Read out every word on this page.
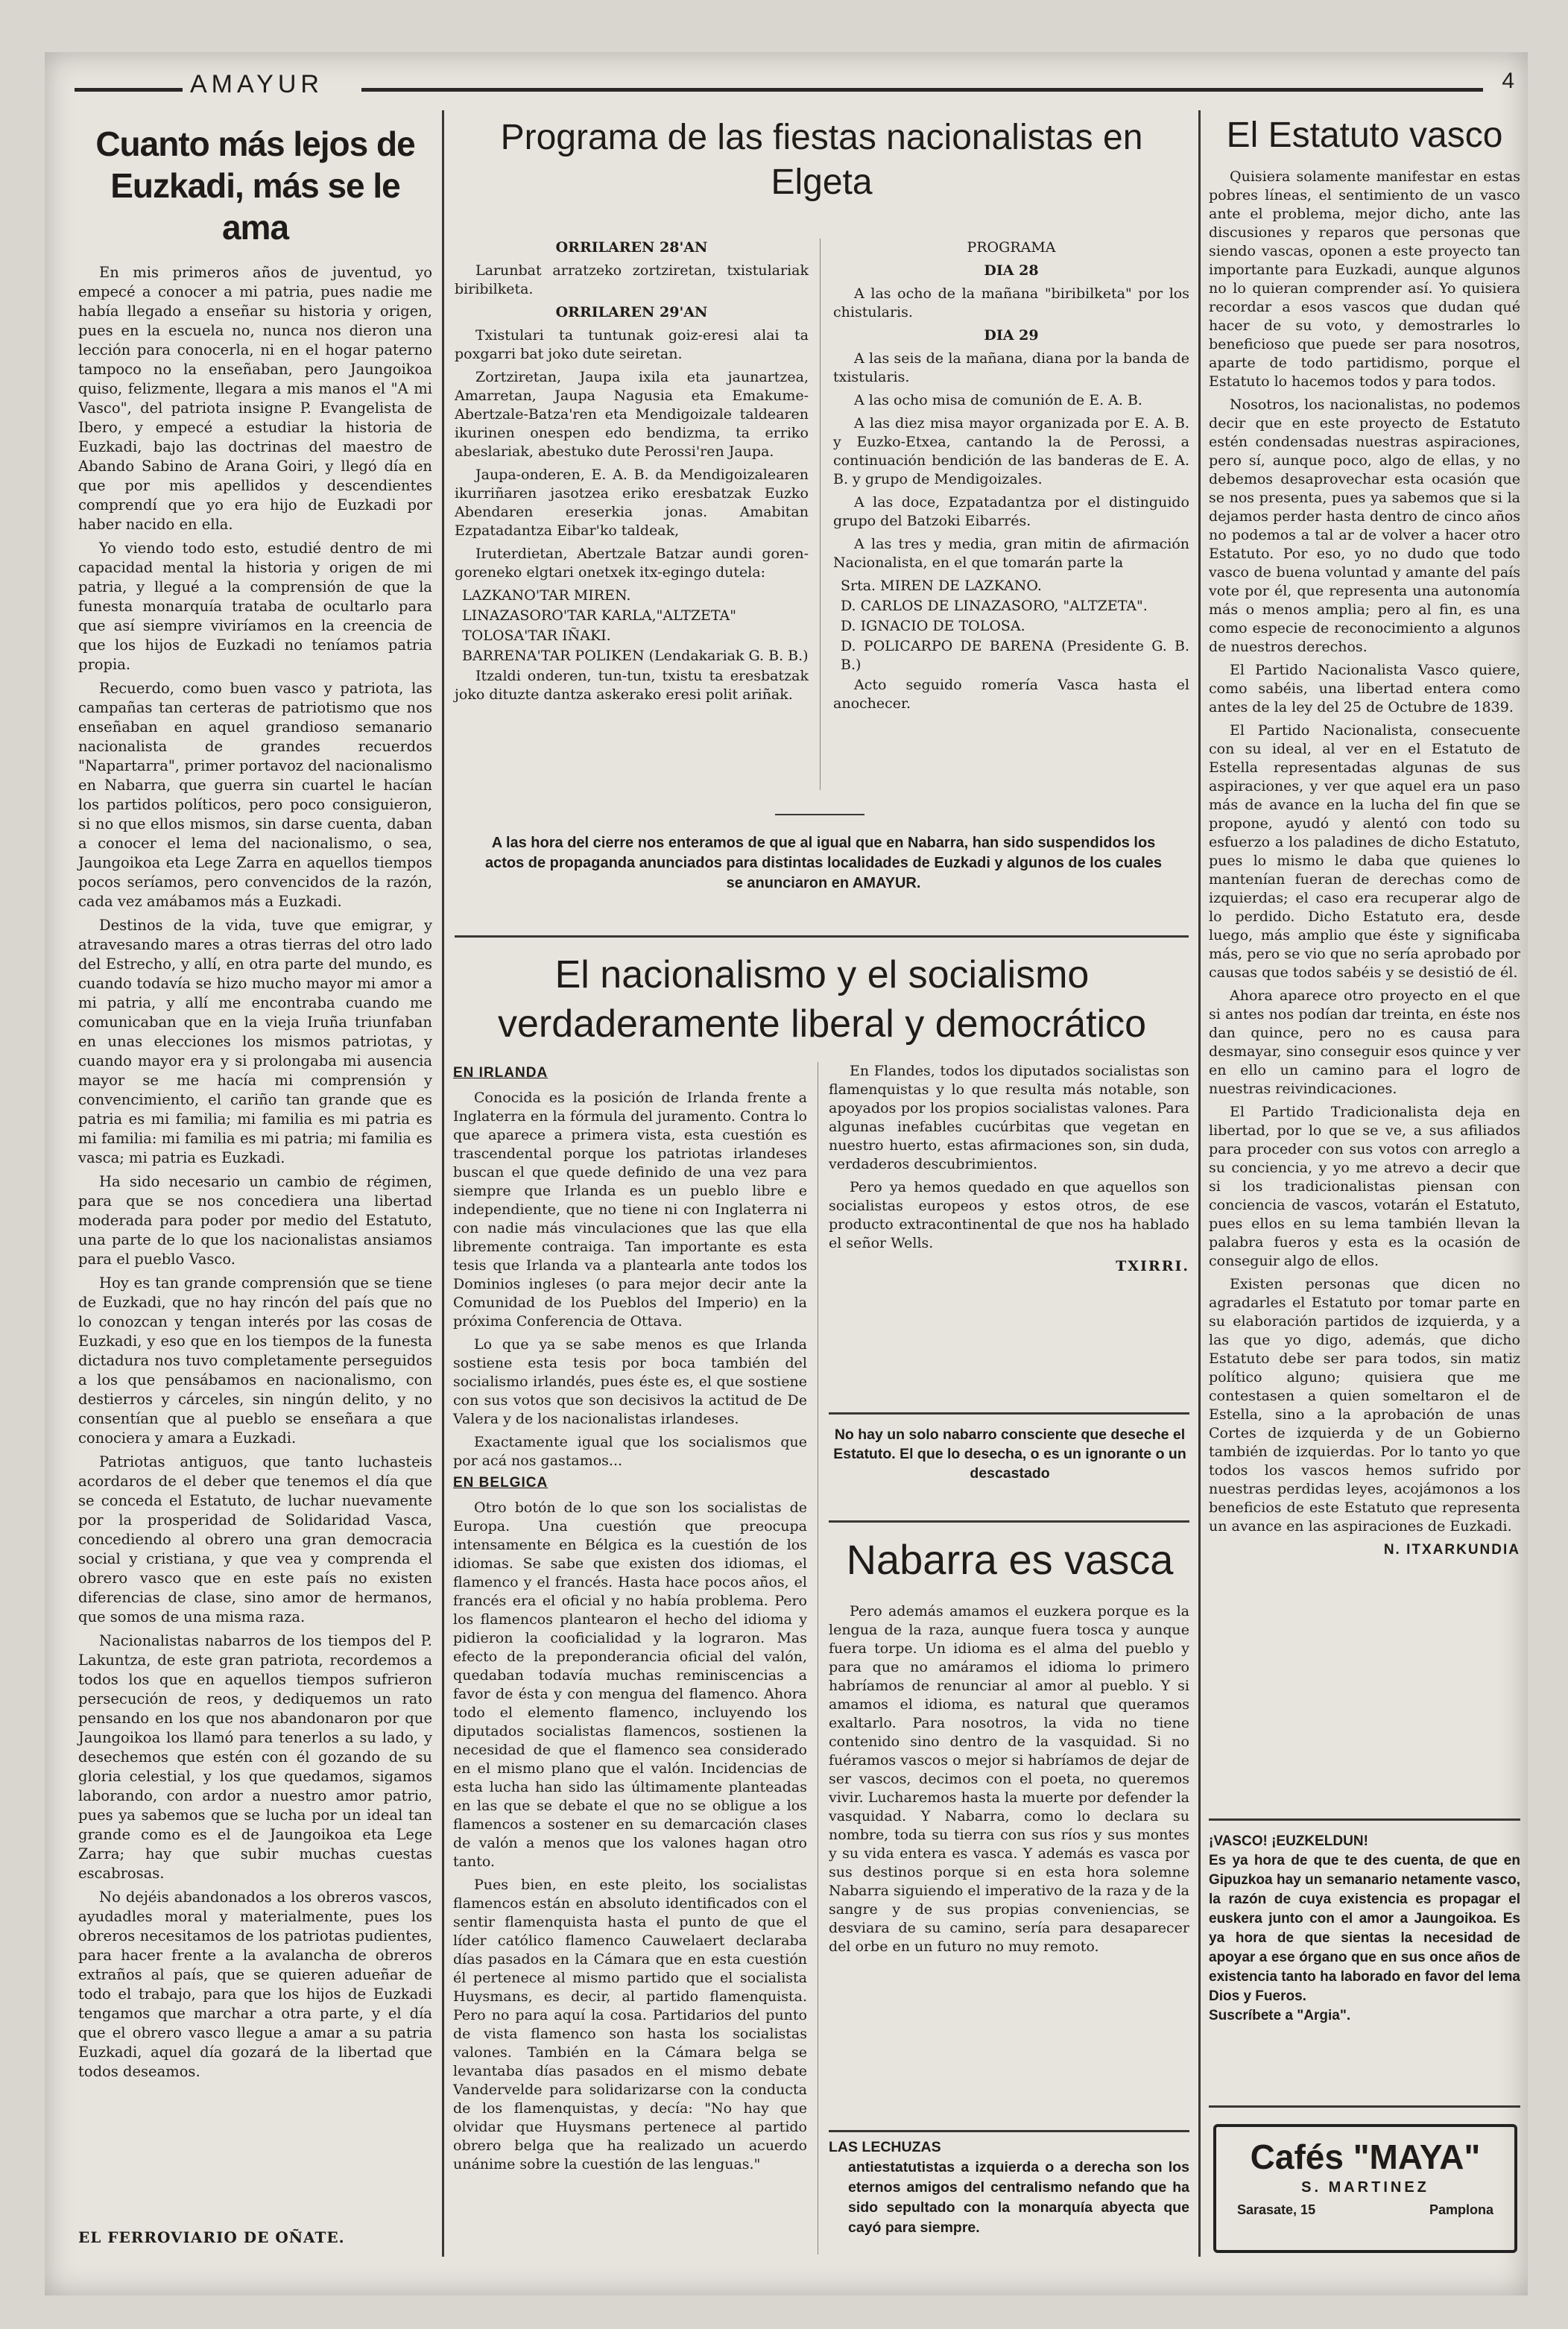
AMAYUR	4
Cuanto más lejos de Euzkadi, más se le ama

En mis primeros años de juventud, yo empecé a conocer a mi patria, pues nadie me había llegado a enseñar su historia y origen, pues en la escuela no, nunca nos dieron una lección para conocerla, ni en el hogar paterno tampoco no la enseñaban, pero Jaungoikoa quiso, felizmente, llegara a mis manos el "A mi Vasco", del patriota insigne P. Evangelista de Ibero, y empecé a estudiar la historia de Euzkadi, bajo las doctrinas del maestro de Abando Sabino de Arana Goiri, y llegó día en que por mis apellidos y descendientes comprendí que yo era hijo de Euzkadi por haber nacido en ella.

Yo viendo todo esto, estudié dentro de mi capacidad mental la historia y origen de mi patria, y llegué a la comprensión de que la funesta monarquía trataba de ocultarlo para que así siempre viviríamos en la creencia de que los hijos de Euzkadi no teníamos patria propia.

Recuerdo, como buen vasco y patriota, las campañas tan certeras de patriotismo que nos enseñaban en aquel grandioso semanario nacionalista de grandes recuerdos "Napartarra", primer portavoz del nacionalismo en Nabarra, que guerra sin cuartel le hacían los partidos políticos, pero poco consiguieron, si no que ellos mismos, sin darse cuenta, daban a conocer el lema del nacionalismo, o sea, Jaungoikoa eta Lege Zarra en aquellos tiempos pocos seríamos, pero convencidos de la razón, cada vez amábamos más a Euzkadi.

Destinos de la vida, tuve que emigrar, y atravesando mares a otras tierras del otro lado del Estrecho, y allí, en otra parte del mundo, es cuando todavía se hizo mucho mayor mi amor a mi patria, y allí me encontraba cuando me comunicaban que en la vieja Iruña triunfaban en unas elecciones los mismos patriotas, y cuando mayor era y si prolongaba mi ausencia mayor se me hacía mi comprensión y convencimiento, el cariño tan grande que es patria es mi familia; mi familia es mi patria es mi familia: mi familia es mi patria; mi familia es vasca; mi patria es Euzkadi.

Ha sido necesario un cambio de régimen, para que se nos concediera una libertad moderada para poder por medio del Estatuto, una parte de lo que los nacionalistas ansiamos para el pueblo Vasco.

Hoy es tan grande comprensión que se tiene de Euzkadi, que no hay rincón del país que no lo conozcan y tengan interés por las cosas de Euzkadi, y eso que en los tiempos de la funesta dictadura nos tuvo completamente perseguidos a los que pensábamos en nacionalismo, con destierros y cárceles, sin ningún delito, y no consentían que al pueblo se enseñara a que conociera y amara a Euzkadi.

Patriotas antiguos, que tanto luchasteis acordaros de el deber que tenemos el día que se conceda el Estatuto, de luchar nuevamente por la prosperidad de Solidaridad Vasca, concediendo al obrero una gran democracia social y cristiana, y que vea y comprenda el obrero vasco que en este país no existen diferencias de clase, sino amor de hermanos, que somos de una misma raza.

Nacionalistas nabarros de los tiempos del P. Lakuntza, de este gran patriota, recordemos a todos los que en aquellos tiempos sufrieron persecución de reos, y dediquemos un rato pensando en los que nos abandonaron por que Jaungoikoa los llamó para tenerlos a su lado, y desechemos que estén con él gozando de su gloria celestial, y los que quedamos, sigamos laborando, con ardor a nuestro amor patrio, pues ya sabemos que se lucha por un ideal tan grande como es el de Jaungoikoa eta Lege Zarra; hay que subir muchas cuestas escabrosas.

No dejéis abandonados a los obreros vascos, ayudadles moral y materialmente, pues los obreros necesitamos de los patriotas pudientes, para hacer frente a la avalancha de obreros extraños al país, que se quieren adueñar de todo el trabajo, para que los hijos de Euzkadi tengamos que marchar a otra parte, y el día que el obrero vasco llegue a amar a su patria Euzkadi, aquel día gozará de la libertad que todos deseamos.

EL FERROVIARIO DE OÑATE.
Programa de las fiestas nacionalistas en Elgeta

ORRILAREN 28'AN

Larunbat arratzeko zortziretan, txistulariak biribilketa.

ORRILAREN 29'AN

Txistulari ta tuntunak goiz-eresi alai ta poxgarri bat joko dute seiretan.

Zortziretan, Jaupa ixila eta jaunartzea, Amarretan, Jaupa Nagusia eta Emakume-Abertzale-Batza'ren eta Mendigoizale taldearen ikurinen onespen edo bendizma, ta erriko abeslariak, abestuko dute Perossi'ren Jaupa.

Jaupa-onderen, E. A. B. da Mendigoizalearen ikurriñaren jasotzea eriko eresbatzak Euzko Abendaren ereserkia jonas. Amabitan Ezpatadantza Eibar'ko taldeak,

Iruterdietan, Abertzale Batzar aundi goren-goreneko elgtari onetxek itx-egingo dutela:

LAZKANO'TAR MIREN.

LINAZASORO'TAR KARLA,"ALTZETA"

TOLOSA'TAR IÑAKI.

BARRENA'TAR POLIKEN (Lendakariak G. B. B.)

Itzaldi onderen, tun-tun, txistu ta eresbatzak joko dituzte dantza askerako eresi polit ariñak.

PROGRAMA

DIA 28

A las ocho de la mañana "biribilketa" por los chistularis.

DIA 29

A las seis de la mañana, diana por la banda de txistularis.

A las ocho misa de comunión de E. A. B.

A las diez misa mayor organizada por E. A. B. y Euzko-Etxea, cantando la de Perossi, a continuación bendición de las banderas de E. A. B. y grupo de Mendigoizales.

A las doce, Ezpatadantza por el distinguido grupo del Batzoki Eibarrés.

A las tres y media, gran mitin de afirmación Nacionalista, en el que tomarán parte la

Srta. MIREN DE LAZKANO.

D. CARLOS DE LINAZASORO, "ALTZETA".

D. IGNACIO DE TOLOSA.

D. POLICARPO DE BARENA (Presidente G. B. B.)

Acto seguido romería Vasca hasta el anochecer.

A las hora del cierre nos enteramos de que al igual que en Nabarra, han sido suspendidos los actos de propaganda anunciados para distintas localidades de Euzkadi y algunos de los cuales se anunciaron en AMAYUR.
El nacionalismo y el socialismo verdaderamente liberal y democrático
EN IRLANDA

Conocida es la posición de Irlanda frente a Inglaterra en la fórmula del juramento. Contra lo que aparece a primera vista, esta cuestión es trascendental porque los patriotas irlandeses buscan el que quede definido de una vez para siempre que Irlanda es un pueblo libre e independiente, que no tiene ni con Inglaterra ni con nadie más vinculaciones que las que ella libremente contraiga. Tan importante es esta tesis que Irlanda va a plantearla ante todos los Dominios ingleses (o para mejor decir ante la Comunidad de los Pueblos del Imperio) en la próxima Conferencia de Ottava.

Lo que ya se sabe menos es que Irlanda sostiene esta tesis por boca también del socialismo irlandés, pues éste es, el que sostiene con sus votos que son decisivos la actitud de De Valera y de los nacionalistas irlandeses.

Exactamente igual que los socialismos que por acá nos gastamos...

EN BELGICA

Otro botón de lo que son los socialistas de Europa. Una cuestión que preocupa intensamente en Bélgica es la cuestión de los idiomas. Se sabe que existen dos idiomas, el flamenco y el francés. Hasta hace pocos años, el francés era el oficial y no había problema. Pero los flamencos plantearon el hecho del idioma y pidieron la cooficialidad y la lograron. Mas efecto de la preponderancia oficial del valón, quedaban todavía muchas reminiscencias a favor de ésta y con mengua del flamenco. Ahora todo el elemento flamenco, incluyendo los diputados socialistas flamencos, sostienen la necesidad de que el flamenco sea considerado en el mismo plano que el valón. Incidencias de esta lucha han sido las últimamente planteadas en las que se debate el que no se obligue a los flamencos a sostener en su demarcación clases de valón a menos que los valones hagan otro tanto.

Pues bien, en este pleito, los socialistas flamencos están en absoluto identificados con el sentir flamenquista hasta el punto de que el líder católico flamenco Cauwelaert declaraba días pasados en la Cámara que en esta cuestión él pertenece al mismo partido que el socialista Huysmans, es decir, al partido flamenquista. Pero no para aquí la cosa. Partidarios del punto de vista flamenco son hasta los socialistas valones. También en la Cámara belga se levantaba días pasados en el mismo debate Vandervelde para solidarizarse con la conducta de los flamenquistas, y decía: "No hay que olvidar que Huysmans pertenece al partido obrero belga que ha realizado un acuerdo unánime sobre la cuestión de las lenguas."

En Flandes, todos los diputados socialistas son flamenquistas y lo que resulta más notable, son apoyados por los propios socialistas valones. Para algunas inefables cucúrbitas que vegetan en nuestro huerto, estas afirmaciones son, sin duda, verdaderos descubrimientos.

Pero ya hemos quedado en que aquellos son socialistas europeos y estos otros, de ese producto extracontinental de que nos ha hablado el señor Wells.

TXIRRI.

No hay un solo nabarro consciente que deseche el Estatuto. El que lo desecha, o es un ignorante o un descastado
Nabarra es vasca

Pero además amamos el euzkera porque es la lengua de la raza, aunque fuera tosca y aunque fuera torpe. Un idioma es el alma del pueblo y para que no amáramos el idioma lo primero habríamos de renunciar al amor al pueblo. Y si amamos el idioma, es natural que queramos exaltarlo. Para nosotros, la vida no tiene contenido sino dentro de la vasquidad. Si no fuéramos vascos o mejor si habríamos de dejar de ser vascos, decimos con el poeta, no queremos vivir. Lucharemos hasta la muerte por defender la vasquidad. Y Nabarra, como lo declara su nombre, toda su tierra con sus ríos y sus montes y su vida entera es vasca. Y además es vasca por sus destinos porque si en esta hora solemne Nabarra siguiendo el imperativo de la raza y de la sangre y de sus propias conveniencias, se desviara de su camino, sería para desaparecer del orbe en un futuro no muy remoto.

LAS LECHUZAS
antiestatutistas a izquierda o a derecha son los eternos amigos del centralismo nefando que ha sido sepultado con la monarquía abyecta que cayó para siempre.
El Estatuto vasco

Quisiera solamente manifestar en estas pobres líneas, el sentimiento de un vasco ante el problema, mejor dicho, ante las discusiones y reparos que personas que siendo vascas, oponen a este proyecto tan importante para Euzkadi, aunque algunos no lo quieran comprender así. Yo quisiera recordar a esos vascos que dudan qué hacer de su voto, y demostrarles lo beneficioso que puede ser para nosotros, aparte de todo partidismo, porque el Estatuto lo hacemos todos y para todos.

Nosotros, los nacionalistas, no podemos decir que en este proyecto de Estatuto estén condensadas nuestras aspiraciones, pero sí, aunque poco, algo de ellas, y no debemos desaprovechar esta ocasión que se nos presenta, pues ya sabemos que si la dejamos perder hasta dentro de cinco años no podemos a tal ar de volver a hacer otro Estatuto. Por eso, yo no dudo que todo vasco de buena voluntad y amante del país vote por él, que representa una autonomía más o menos amplia; pero al fin, es una como especie de reconocimiento a algunos de nuestros derechos.

El Partido Nacionalista Vasco quiere, como sabéis, una libertad entera como antes de la ley del 25 de Octubre de 1839.

El Partido Nacionalista, consecuente con su ideal, al ver en el Estatuto de Estella representadas algunas de sus aspiraciones, y ver que aquel era un paso más de avance en la lucha del fin que se propone, ayudó y alentó con todo su esfuerzo a los paladines de dicho Estatuto, pues lo mismo le daba que quienes lo mantenían fueran de derechas como de izquierdas; el caso era recuperar algo de lo perdido. Dicho Estatuto era, desde luego, más amplio que éste y significaba más, pero se vio que no sería aprobado por causas que todos sabéis y se desistió de él.

Ahora aparece otro proyecto en el que si antes nos podían dar treinta, en éste nos dan quince, pero no es causa para desmayar, sino conseguir esos quince y ver en ello un camino para el logro de nuestras reivindicaciones.

El Partido Tradicionalista deja en libertad, por lo que se ve, a sus afiliados para proceder con sus votos con arreglo a su conciencia, y yo me atrevo a decir que si los tradicionalistas piensan con conciencia de vascos, votarán el Estatuto, pues ellos en su lema también llevan la palabra fueros y esta es la ocasión de conseguir algo de ellos.

Existen personas que dicen no agradarles el Estatuto por tomar parte en su elaboración partidos de izquierda, y a las que yo digo, además, que dicho Estatuto debe ser para todos, sin matiz político alguno; quisiera que me contestasen a quien someltaron el de Estella, sino a la aprobación de unas Cortes de izquierda y de un Gobierno también de izquierdas. Por lo tanto yo que todos los vascos hemos sufrido por nuestras perdidas leyes, acojámonos a los beneficios de este Estatuto que representa un avance en las aspiraciones de Euzkadi.

N. ITXARKUNDIA

¡VASCO! ¡EUZKELDUN!
Es ya hora de que te des cuenta, de que en Gipuzkoa hay un semanario netamente vasco, la razón de cuya existencia es propagar el euskera junto con el amor a Jaungoikoa. Es ya hora de que sientas la necesidad de apoyar a ese órgano que en sus once años de existencia tanto ha laborado en favor del lema Dios y Fueros.
Suscríbete a "Argia".
Cafés "MAYA"
S. MARTINEZ
Sarasate, 15	Pamplona
